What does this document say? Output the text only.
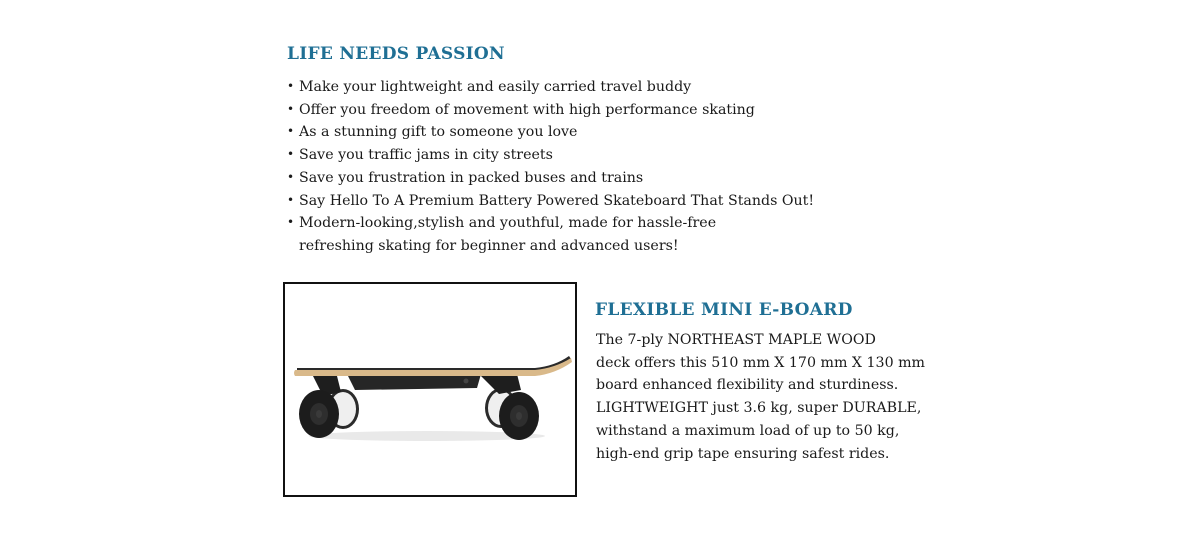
LIFE NEEDS PASSION
• Make your lightweight and easily carried travel buddy
• Offer you freedom of movement with high performance skating
• As a stunning gift to someone you love
• Save you traffic jams in city streets
• Save you frustration in packed buses and trains
• Say Hello To A Premium Battery Powered Skateboard That Stands Out!
• Modern-looking,stylish and youthful, made for hassle-free refreshing skating for beginner and advanced users!
FLEXIBLE MINI E-BOARD
The 7-ply NORTHEAST MAPLE WOOD
deck offers this 510 mm X 170 mm X 130 mm
board enhanced flexibility and sturdiness.
LIGHTWEIGHT just 3.6 kg, super DURABLE,
withstand a maximum load of up to 50 kg,
high-end grip tape ensuring safest rides.
